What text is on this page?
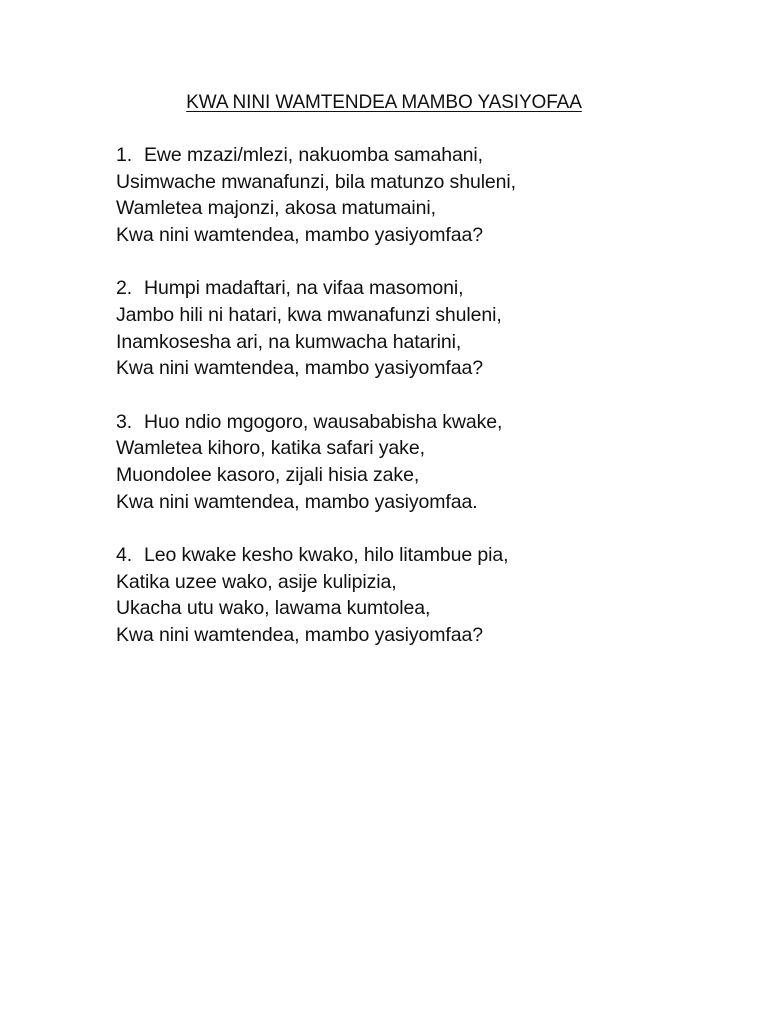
KWA NINI WAMTENDEA MAMBO YASIYOFAA
1. Ewe mzazi/mlezi, nakuomba samahani,
Usimwache mwanafunzi, bila matunzo shuleni,
Wamletea majonzi, akosa matumaini,
Kwa nini wamtendea, mambo yasiyomfaa?
2. Humpi madaftari, na vifaa masomoni,
Jambo hili ni hatari, kwa mwanafunzi shuleni,
Inamkosesha ari, na kumwacha hatarini,
Kwa nini wamtendea, mambo yasiyomfaa?
3. Huo ndio mgogoro, wausababisha kwake,
Wamletea kihoro, katika safari yake,
Muondolee kasoro, zijali hisia zake,
Kwa nini wamtendea, mambo yasiyomfaa.
4. Leo kwake kesho kwako, hilo litambue pia,
Katika uzee wako, asije kulipizia,
Ukacha utu wako, lawama kumtolea,
Kwa nini wamtendea, mambo yasiyomfaa?
